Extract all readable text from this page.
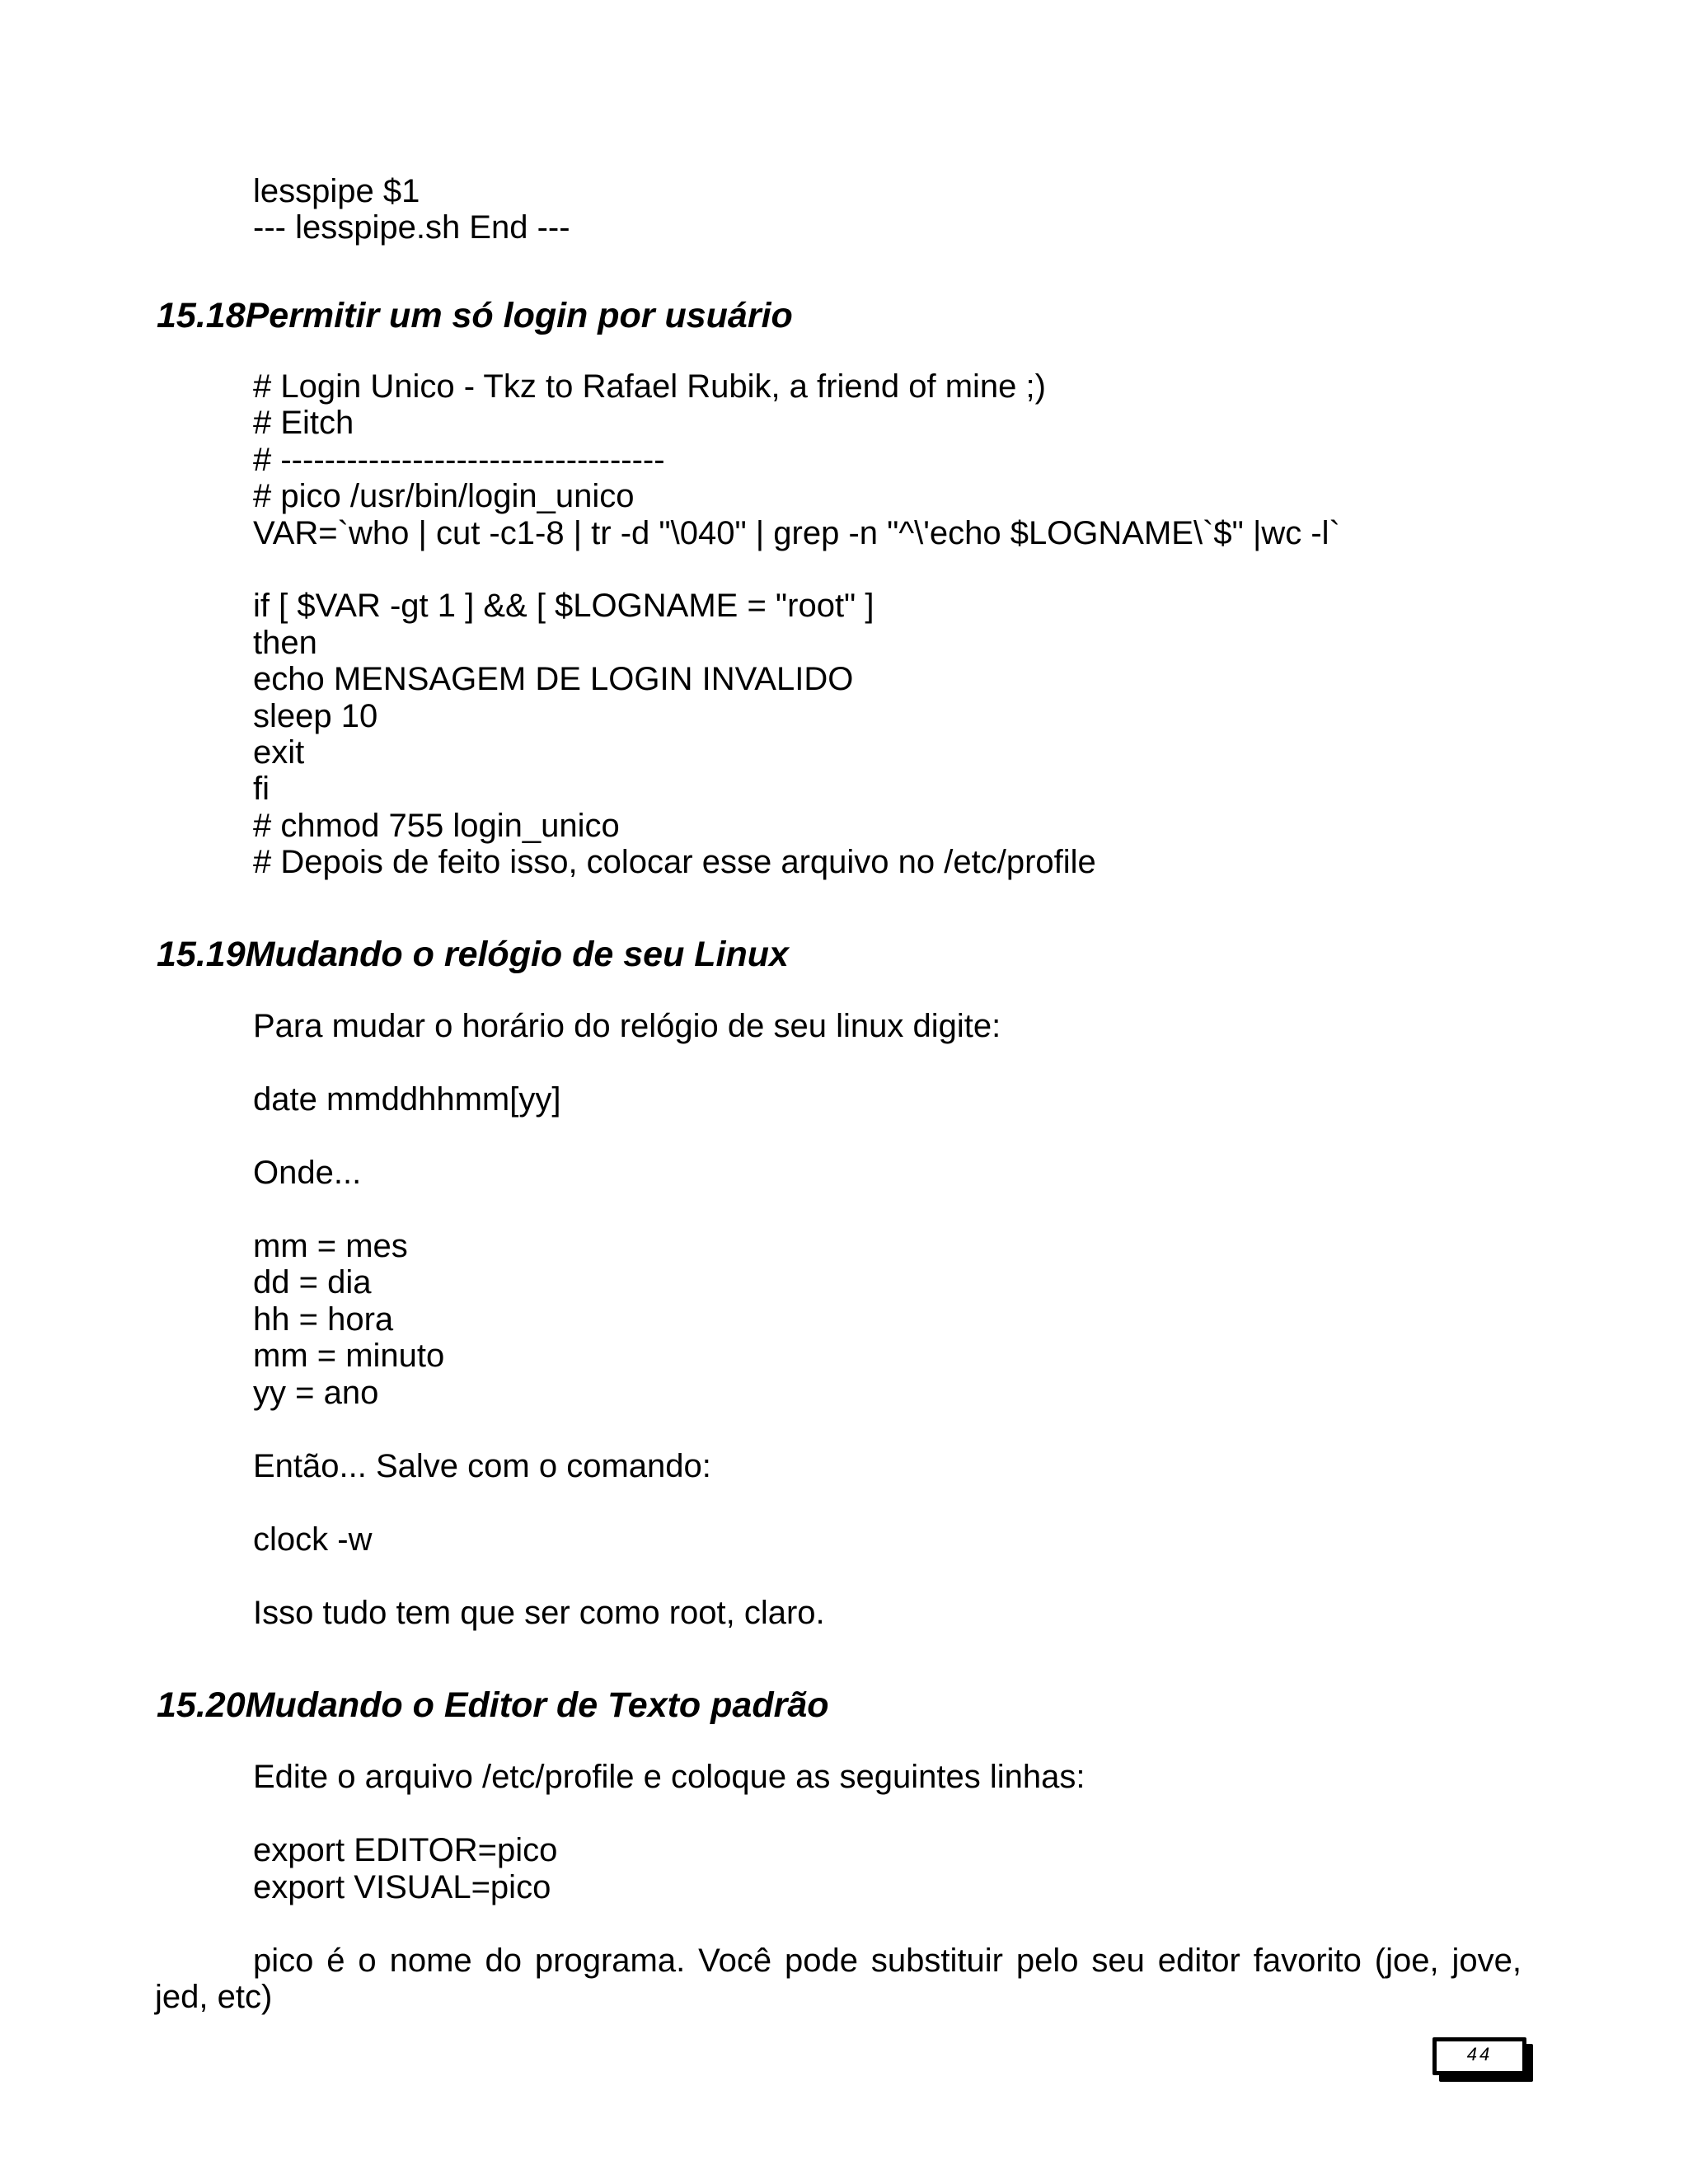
lesspipe $1
--- lesspipe.sh End ---
15.18Permitir um só login por usuário
# Login Unico - Tkz to Rafael Rubik, a friend of mine ;)
# Eitch
# -----------------------------------
# pico /usr/bin/login_unico
VAR=`who | cut -c1-8 | tr -d "\040" | grep -n "^\'echo $LOGNAME\`$" |wc -l`
if [ $VAR -gt 1 ] && [ $LOGNAME = "root" ]
then
echo MENSAGEM DE LOGIN INVALIDO
sleep 10
exit
fi
# chmod 755 login_unico
# Depois de feito isso, colocar esse arquivo no /etc/profile
15.19Mudando o relógio de seu Linux
Para mudar o horário do relógio de seu linux digite:
date mmddhhmm[yy]
Onde...
mm = mes
dd = dia
hh = hora
mm = minuto
yy = ano
Então... Salve com o comando:
clock -w
Isso tudo tem que ser como root, claro.
15.20Mudando o Editor de Texto padrão
Edite o arquivo /etc/profile e coloque as seguintes linhas:
export EDITOR=pico
export VISUAL=pico
pico é o nome do programa. Você pode substituir pelo seu editor favorito (joe, jove, jed, etc)
44
